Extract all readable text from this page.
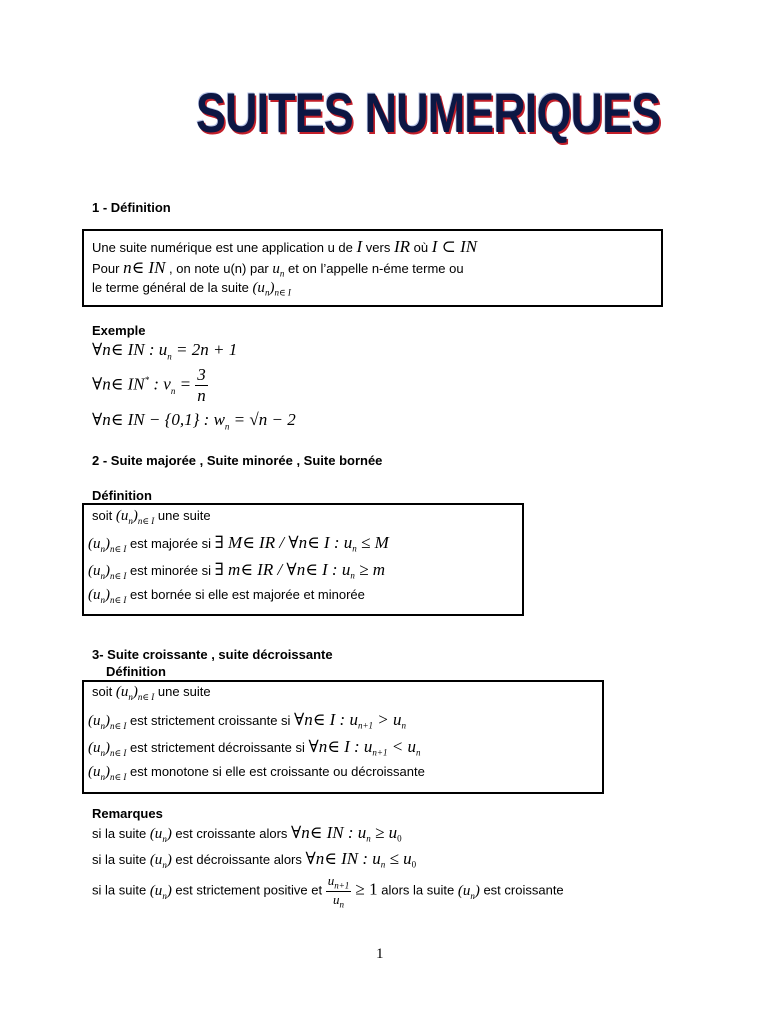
SUITES NUMERIQUES
1 - Définition
Une suite numérique est une application u de I vers IR où I ⊂ IN
Pour n∈ IN , on note u(n) par $u_n$ et on l’appelle n-éme terme ou
le terme général de la suite $(u_n)_{n\in I}$
Exemple
∀n∈ IN : $u_n = 2n + 1$
∀n∈ IN* : $v_n = \frac{3}{n}$
∀n∈ IN − {0,1} : $w_n = √n - 2$
2 - Suite majorée , Suite minorée , Suite bornée
Définition
soit $(u_n)_{n\in I}$ une suite
$(u_n)_{n\in I}$ est majorée si ∃ M∈ IR / ∀n∈ I : $u_n \le M$
$(u_n)_{n\in I}$ est minorée si ∃ m∈ IR / ∀n∈ I : $u_n \ge m$
$(u_n)_{n\in I}$ est bornée si elle est majorée et minorée
3- Suite croissante , suite décroissante
Définition
soit $(u_n)_{n\in I}$ une suite
$(u_n)_{n\in I}$ est strictement croissante si ∀n∈ I : $u_{n+1} > u_n$
$(u_n)_{n\in I}$ est strictement décroissante si ∀n∈ I : $u_{n+1} < u_n$
$(u_n)_{n\in I}$ est monotone si elle est croissante ou décroissante
Remarques
si la suite $(u_n)$ est croissante alors ∀n∈ IN : $u_n \ge u_0$
si la suite $(u_n)$ est décroissante alors ∀n∈ IN : $u_n \le u_0$
si la suite $(u_n)$ est strictement positive et $\frac{u_{n+1}}{u_n} \ge 1$ alors la suite $(u_n)$ est croissante
1
